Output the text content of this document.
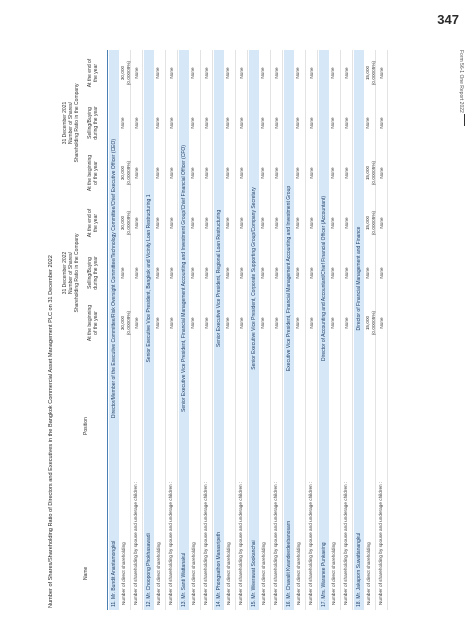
347
Form 56-1 One Report 2022
Number of Shares/Shareholding Ratio of Directors and Executives in the Bangkok Commercial Asset Management PLC on 31 December 2022	Name
Position
31 December 2022 Number of Shares/ Shareholding Ratio in the Company
31 December 2021 Number of Shares/ Shareholding Ratio in the Company
At the beginning
of the year
Selling/Buying
during the year
At the end of
the year
At the beginning
of the year
Selling/Buying
during the year
At the end of
the year
11. Mr. Bundit Anantamongkol
Director/Member of the Executive Committee/Risk Oversight Committee/Technology Committee/Chief Executive Officer (CEO)
Number of direct shareholding
30,000 (0.00009%)
None
30,000 (0.00009%)
30,000 (0.00009%)
None
30,000 (0.00009%)
Number of shareholding by spouse and underage children :
None
None
None
None
None
None
12. Mr. Choopong Phokhasawadi
Senior Executive Vice President, Bangkok and Vicinity Loan Restructuring 1
Number of direct shareholding
None
None
None
None
None
None
Number of shareholding by spouse and underage children :
None
None
None
None
None
None
13. Mr. Santi Wattanakul
Senior Executive Vice President, Financial Management Accounting and Investment Group/Chief Financial Officer (CFO)
Number of direct shareholding
None
None
None
None
None
None
Number of shareholding by spouse and underage children :
None
None
None
None
None
None
14. Mr. Phongsathon Manasripeth
Senior Executive Vice President, Regional Loan Restructuring
Number of direct shareholding
None
None
None
None
None
None
Number of shareholding by spouse and underage children :
None
None
None
None
None
None
15. Mr. Weerawat Sookanchai
Senior Executive Vice President, Corporate Supporting Group/Company Secretary
Number of direct shareholding
None
None
None
None
None
None
Number of shareholding by spouse and underage children :
None
None
None
None
None
None
16. Mr. Chavalit Kwandeedeebanosarn
Executive Vice President, Financial Management Accounting and Investment Group
Number of direct shareholding
None
None
None
None
None
None
Number of shareholding by spouse and underage children :
None
None
None
None
None
None
17. Mrs. Waranee Punkaeing
Director of Accounting and Accountant/Chief Financial Officer (Accountant)
Number of direct shareholding
None
None
None
None
None
None
Number of shareholding by spouse and underage children :
None
None
None
None
None
None
18. Mr. Jakaporn Suwattanangkul
Director of Financial Management and Finance
Number of direct shareholding
15,000 (0.00005%)
None
15,000 (0.00005%)
15,000 (0.00005%)
None
15,000 (0.00005%)
Number of shareholding by spouse and underage children :
None
None
None
None
None
None
